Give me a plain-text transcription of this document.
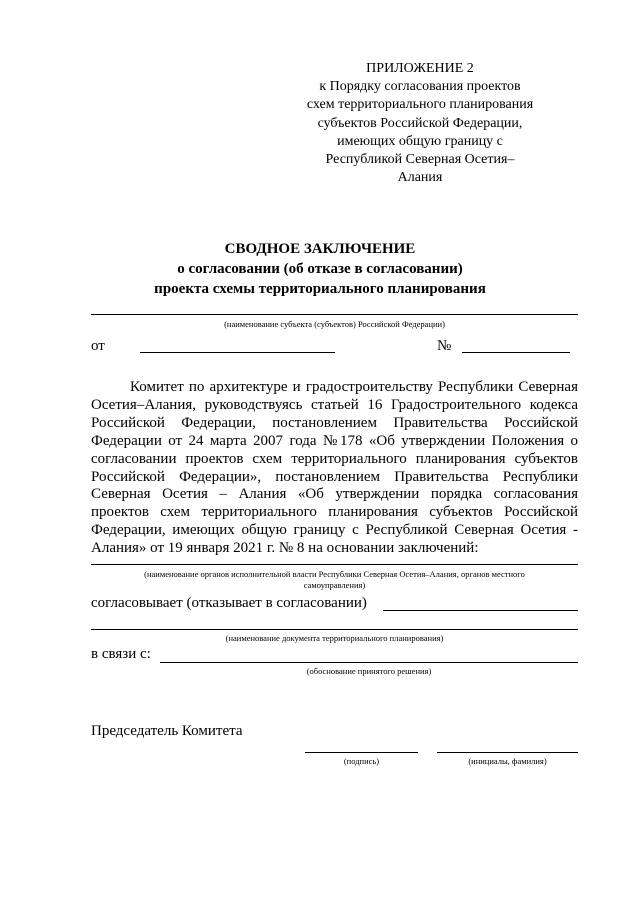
ПРИЛОЖЕНИЕ 2
к Порядку согласования проектов
схем территориального планирования
субъектов Российской Федерации,
имеющих общую границу с
Республикой Северная Осетия–
Алания
СВОДНОЕ ЗАКЛЮЧЕНИЕ
о согласовании (об отказе в согласовании)
проекта схемы территориального планирования
(наименование субъекта (субъектов) Российской Федерации)
от	№
Комитет по архитектуре и градостроительству Республики Северная Осетия–Алания, руководствуясь статьей 16 Градостроительного кодекса Российской Федерации, постановлением Правительства Российской Федерации от 24 марта 2007 года №178 «Об утверждении Положения о согласовании проектов схем территориального планирования субъектов Российской Федерации», постановлением Правительства Республики Северная Осетия – Алания «Об утверждении порядка согласования проектов схем территориального планирования субъектов Российской Федерации, имеющих общую границу с Республикой Северная Осетия - Алания» от 19 января 2021 г. № 8 на основании заключений:
(наименование органов исполнительной власти Республики Северная Осетия–Алания, органов местного
самоуправления)
согласовывает (отказывает в согласовании)
(наименование документа территориального планирования)
в связи с:
(обоснование принятого решения)
Председатель Комитета
(подпись)	(инициалы, фамилия)
